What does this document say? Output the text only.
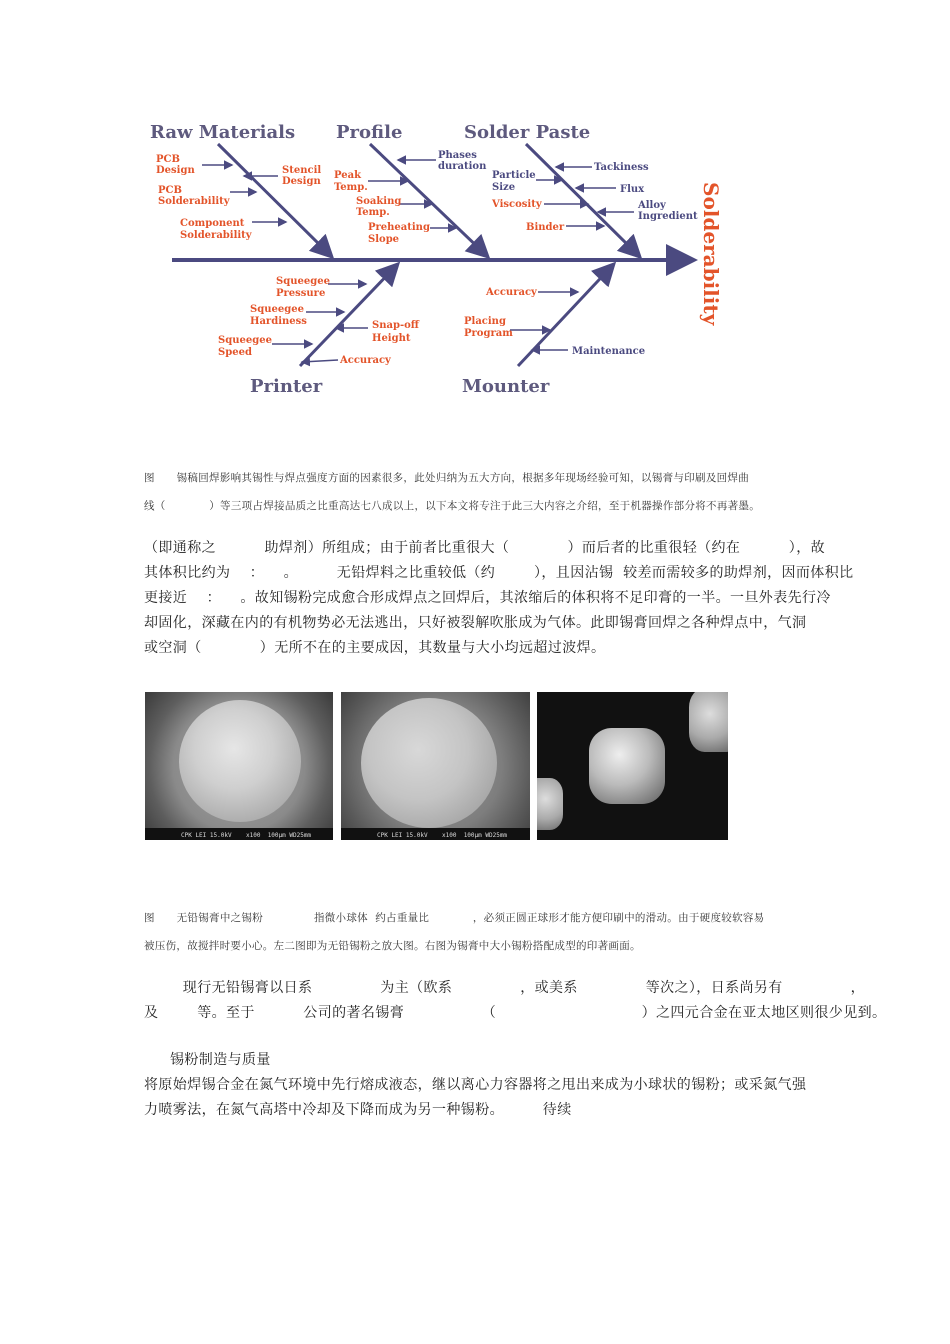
Raw Materials Profile	Solder Paste
Printer	Mounter
Solderability
PCB Design	Stencil Design
PCB Solderability
Component Solderability
Phases duration
Peak Temp.
Soaking Temp.
Preheating Slope
Tackiness
Particle Size	Flux
Viscosity	Alloy Ingredient
Binder
Squeegee Pressure
Squeegee Hardiness	Snap-off Height
Squeegee Speed
Accuracy
Accuracy
Placing Program
Maintenance
图      锡稿回焊影响其锡性与焊点强度方面的因素很多，此处归纳为五大方向，根据多年现场经验可知，以锡膏与印刷及回焊曲
线（            ）等三项占焊接品质之比重高达七八成以上，以下本文将专注于此三大内容之介绍，至于机器操作部分将不再著墨。
（即通称之          助焊剂）所组成；由于前者比重很大（            ）而后者的比重很轻（约在          ），故
其体积比约为    ：    。        无铅焊料之比重较低（约        ），且因沾锡  较差而需较多的助焊剂，因而体积比
更接近    ：    。故知锡粉完成愈合形成焊点之回焊后，其浓缩后的体积将不足印膏的一半。一旦外表先行冷
却固化，深藏在内的有机物势必无法逃出，只好被裂解吹胀成为气体。此即锡膏回焊之各种焊点中，气洞
或空洞（            ）无所不在的主要成因，其数量与大小均远超过波焊。
CPK LEI 15.0kV    x100  100μm WD25mm	CPK LEI 15.0kV    x100  100μm WD25mm
图      无铅锡膏中之锡粉              指微小球体  约占重量比            ，必须正圆正球形才能方便印刷中的滑动。由于硬度较软容易
被压伤，故搅拌时要小心。左二图即为无铅锡粉之放大图。右图为锡膏中大小锡粉搭配成型的印著画面。
现行无铅锡膏以日系              为主（欧系              ，或美系              等次之），日系尚另有              ，
及        等。至于          公司的著名锡膏                （                              ）之四元合金在亚太地区则很少见到。
锡粉制造与质量
将原始焊锡合金在氮气环境中先行熔成液态，继以离心力容器将之甩出来成为小球状的锡粉；或采氮气强
力喷雾法，在氮气高塔中冷却及下降而成为另一种锡粉。        待续
